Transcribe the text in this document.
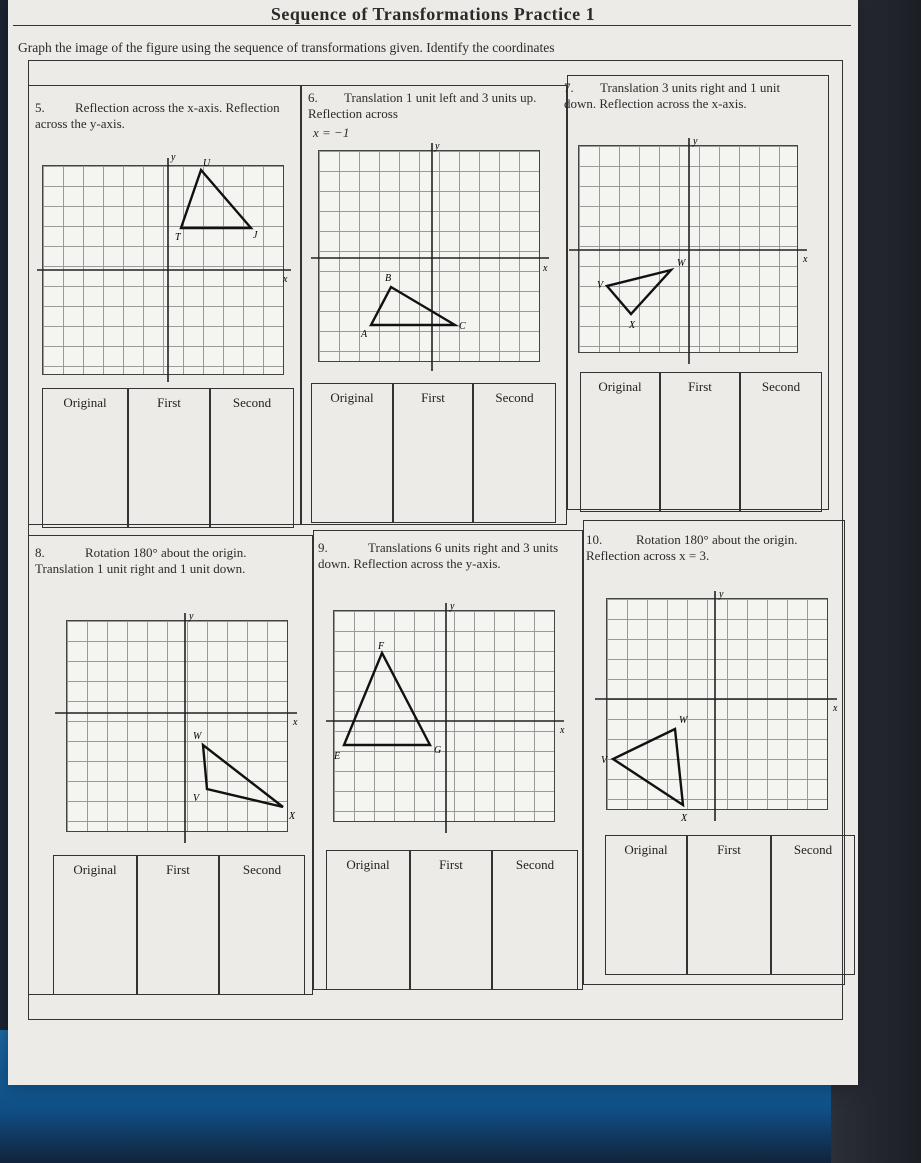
Sequence of Transformations Practice 1
Graph the image of the figure using the sequence of transformations given. Identify the coordinates
5.	Reflection across the x-axis. Reflection across the y-axis.
U
T	J
y
x
Original	First	Second
6.	Translation 1 unit left and 3 units up. Reflection across
x = −1
B
A
C
y
x
Original	First	Second
7.	Translation 3 units right and 1 unit down. Reflection across the x-axis.
W
V
X
y
x
Original	First	Second
8.	Rotation 180° about the origin. Translation 1 unit right and 1 unit down.
W
V
X
y
x
Original	First	Second
9.	Translations 6 units right and 3 units down. Reflection across the y-axis.
F
E
G
y
x
Original	First	Second
10.	Rotation 180° about the origin. Reflection across x = 3.
W
V
X
y
x
Original	First	Second
